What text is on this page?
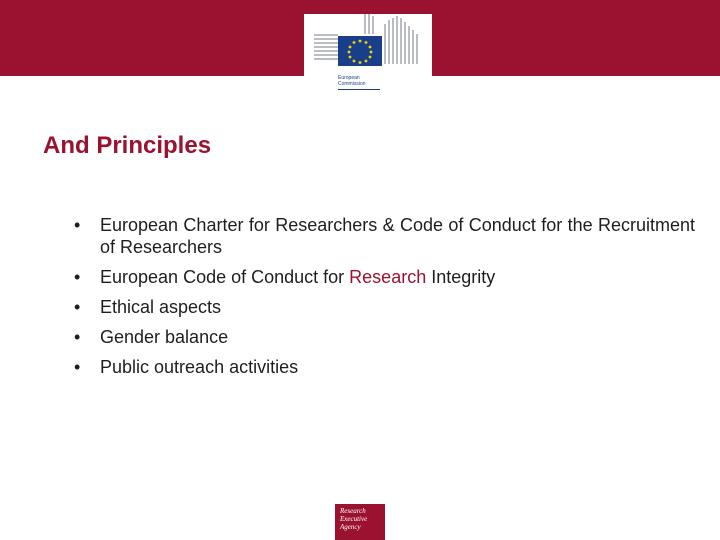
European
Commission
And Principles
• European Charter for Researchers & Code of Conduct for the Recruitment of Researchers
• European Code of Conduct for Research Integrity
• Ethical aspects
• Gender balance
• Public outreach activities
Research
Executive
Agency
